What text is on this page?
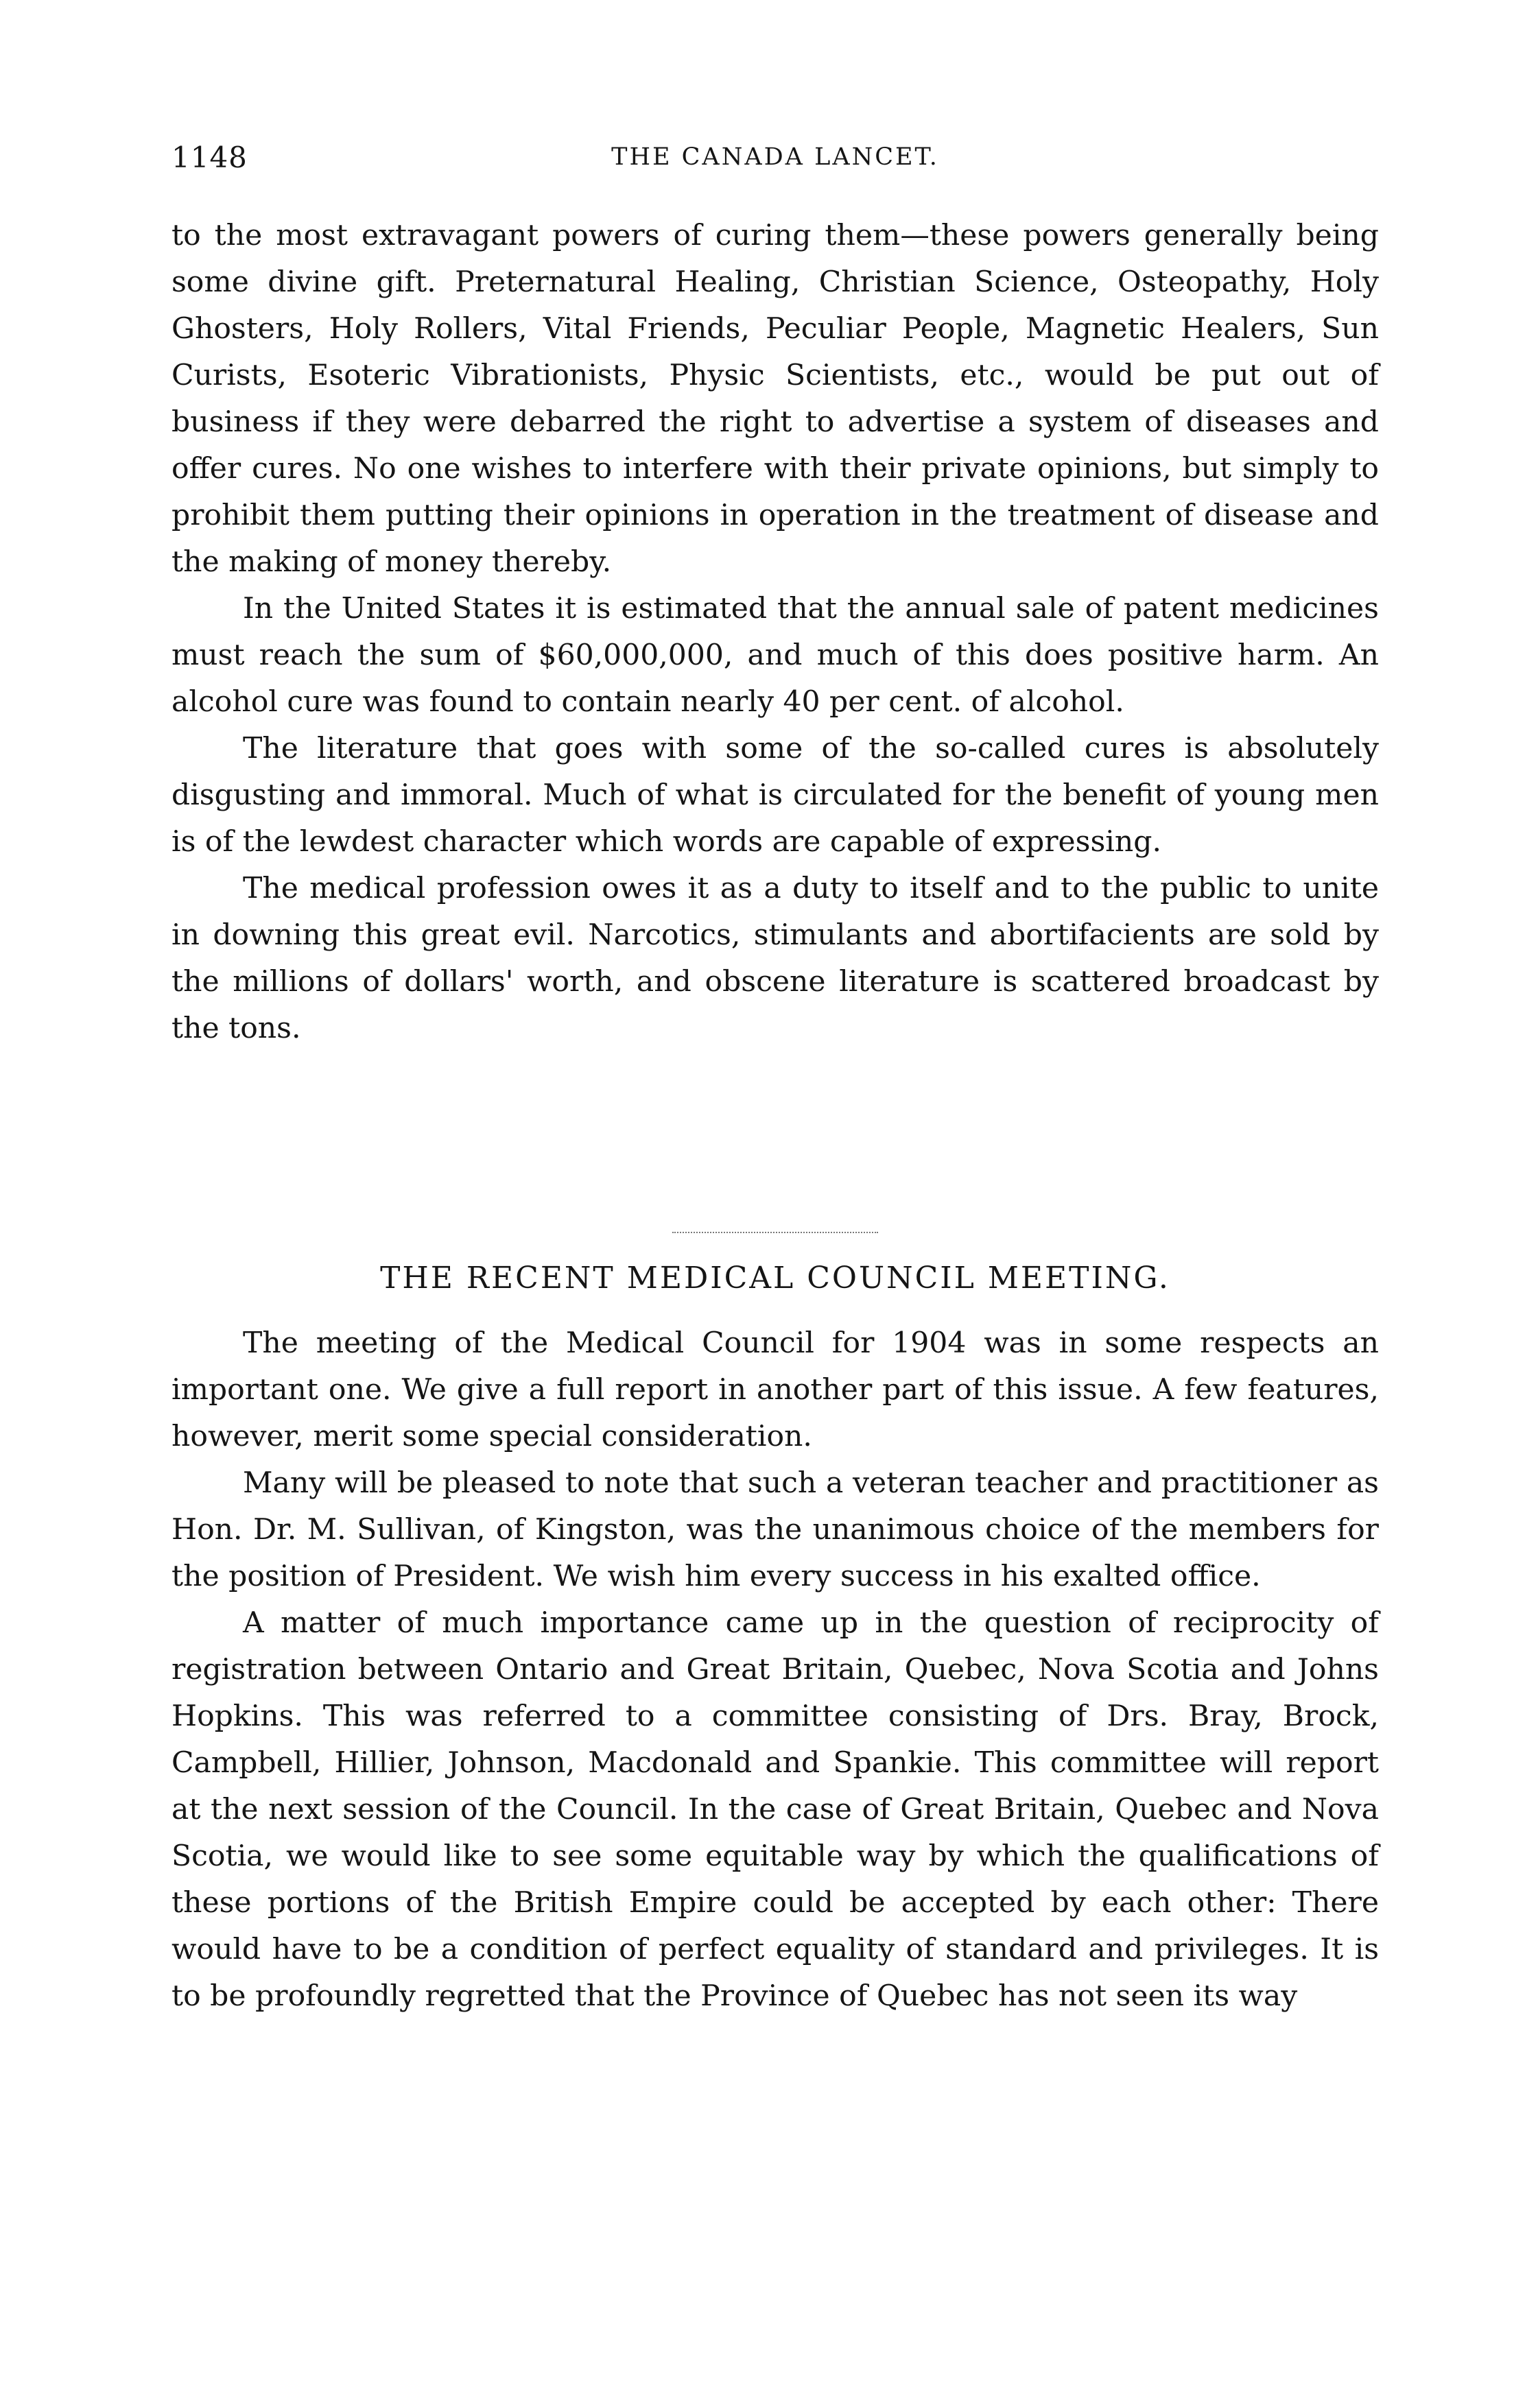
1148	THE CANADA LANCET.

to the most extravagant powers of curing them—these powers generally being some divine gift. Preternatural Healing, Christian Science, Osteopathy, Holy Ghosters, Holy Rollers, Vital Friends, Peculiar People, Magnetic Healers, Sun Curists, Esoteric Vibrationists, Physic Scientists, etc., would be put out of business if they were debarred the right to advertise a system of diseases and offer cures. No one wishes to interfere with their private opinions, but simply to prohibit them putting their opinions in operation in the treatment of disease and the making of money thereby.

In the United States it is estimated that the annual sale of patent medicines must reach the sum of $60,000,000, and much of this does positive harm. An alcohol cure was found to contain nearly 40 per cent. of alcohol.

The literature that goes with some of the so-called cures is absolutely disgusting and immoral. Much of what is circulated for the benefit of young men is of the lewdest character which words are capable of expressing.

The medical profession owes it as a duty to itself and to the public to unite in downing this great evil. Narcotics, stimulants and abortifacients are sold by the millions of dollars' worth, and obscene literature is scattered broadcast by the tons.

THE RECENT MEDICAL COUNCIL MEETING.

The meeting of the Medical Council for 1904 was in some respects an important one. We give a full report in another part of this issue. A few features, however, merit some special consideration.

Many will be pleased to note that such a veteran teacher and practitioner as Hon. Dr. M. Sullivan, of Kingston, was the unanimous choice of the members for the position of President. We wish him every success in his exalted office.

A matter of much importance came up in the question of reciprocity of registration between Ontario and Great Britain, Quebec, Nova Scotia and Johns Hopkins. This was referred to a committee consisting of Drs. Bray, Brock, Campbell, Hillier, Johnson, Macdonald and Spankie. This committee will report at the next session of the Council. In the case of Great Britain, Quebec and Nova Scotia, we would like to see some equitable way by which the qualifications of these portions of the British Empire could be accepted by each other: There would have to be a condition of perfect equality of standard and privileges. It is to be profoundly regretted that the Province of Quebec has not seen its way
